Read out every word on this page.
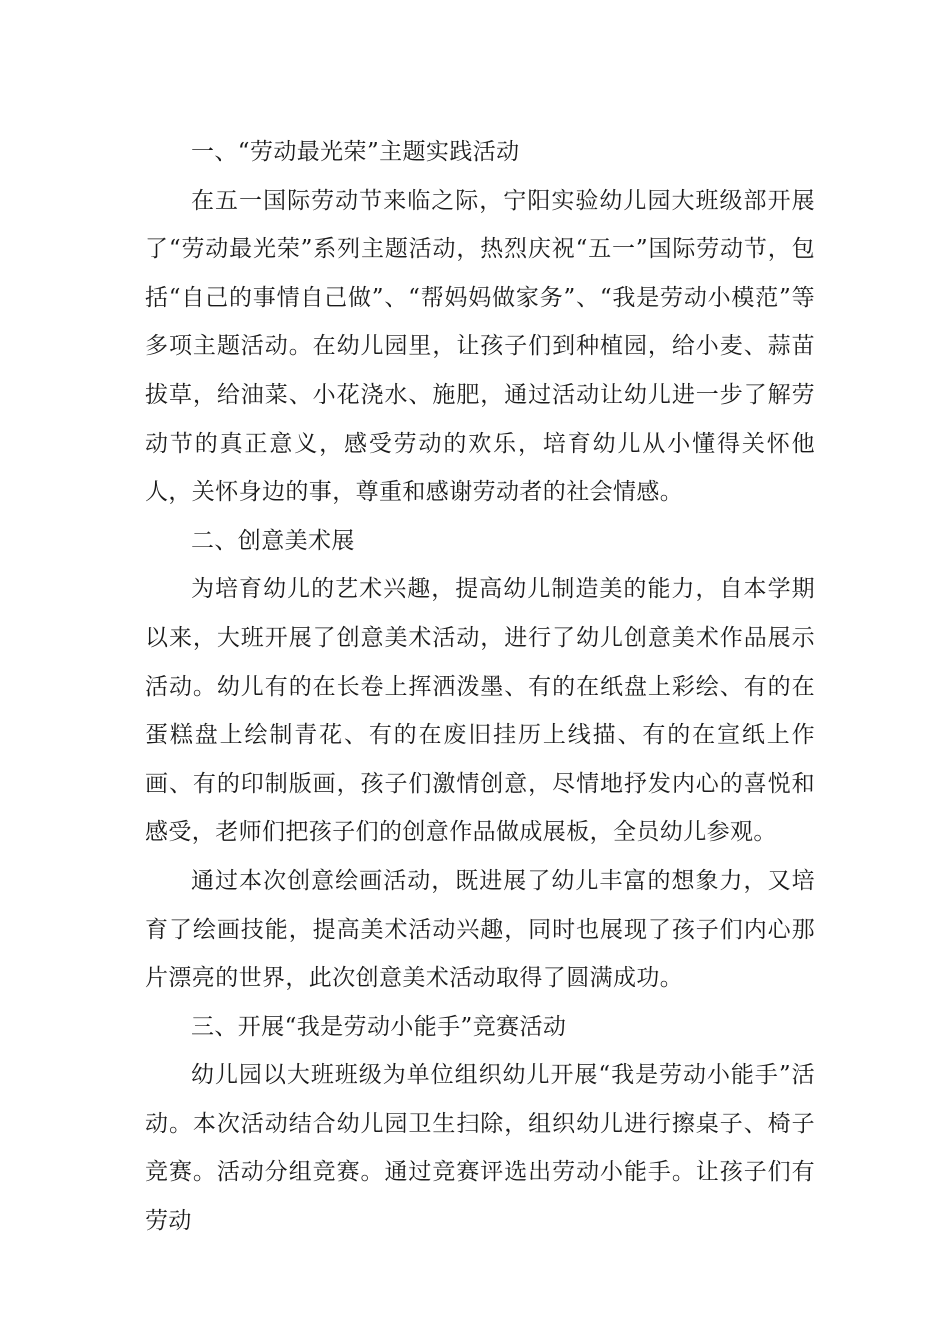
一、“劳动最光荣”主题实践活动

在五一国际劳动节来临之际，宁阳实验幼儿园大班级部开展了“劳动最光荣”系列主题活动，热烈庆祝“五一”国际劳动节，包括“自己的事情自己做”、“帮妈妈做家务”、“我是劳动小模范”等多项主题活动。在幼儿园里，让孩子们到种植园，给小麦、蒜苗拔草，给油菜、小花浇水、施肥，通过活动让幼儿进一步了解劳动节的真正意义，感受劳动的欢乐，培育幼儿从小懂得关怀他人，关怀身边的事，尊重和感谢劳动者的社会情感。

二、创意美术展

为培育幼儿的艺术兴趣，提高幼儿制造美的能力，自本学期以来，大班开展了创意美术活动，进行了幼儿创意美术作品展示活动。幼儿有的在长卷上挥洒泼墨、有的在纸盘上彩绘、有的在蛋糕盘上绘制青花、有的在废旧挂历上线描、有的在宣纸上作画、有的印制版画，孩子们激情创意，尽情地抒发内心的喜悦和感受，老师们把孩子们的创意作品做成展板，全员幼儿参观。

通过本次创意绘画活动，既进展了幼儿丰富的想象力，又培育了绘画技能，提高美术活动兴趣，同时也展现了孩子们内心那片漂亮的世界，此次创意美术活动取得了圆满成功。

三、开展“我是劳动小能手”竞赛活动

幼儿园以大班班级为单位组织幼儿开展“我是劳动小能手”活动。本次活动结合幼儿园卫生扫除，组织幼儿进行擦桌子、椅子竞赛。活动分组竞赛。通过竞赛评选出劳动小能手。让孩子们有劳动
